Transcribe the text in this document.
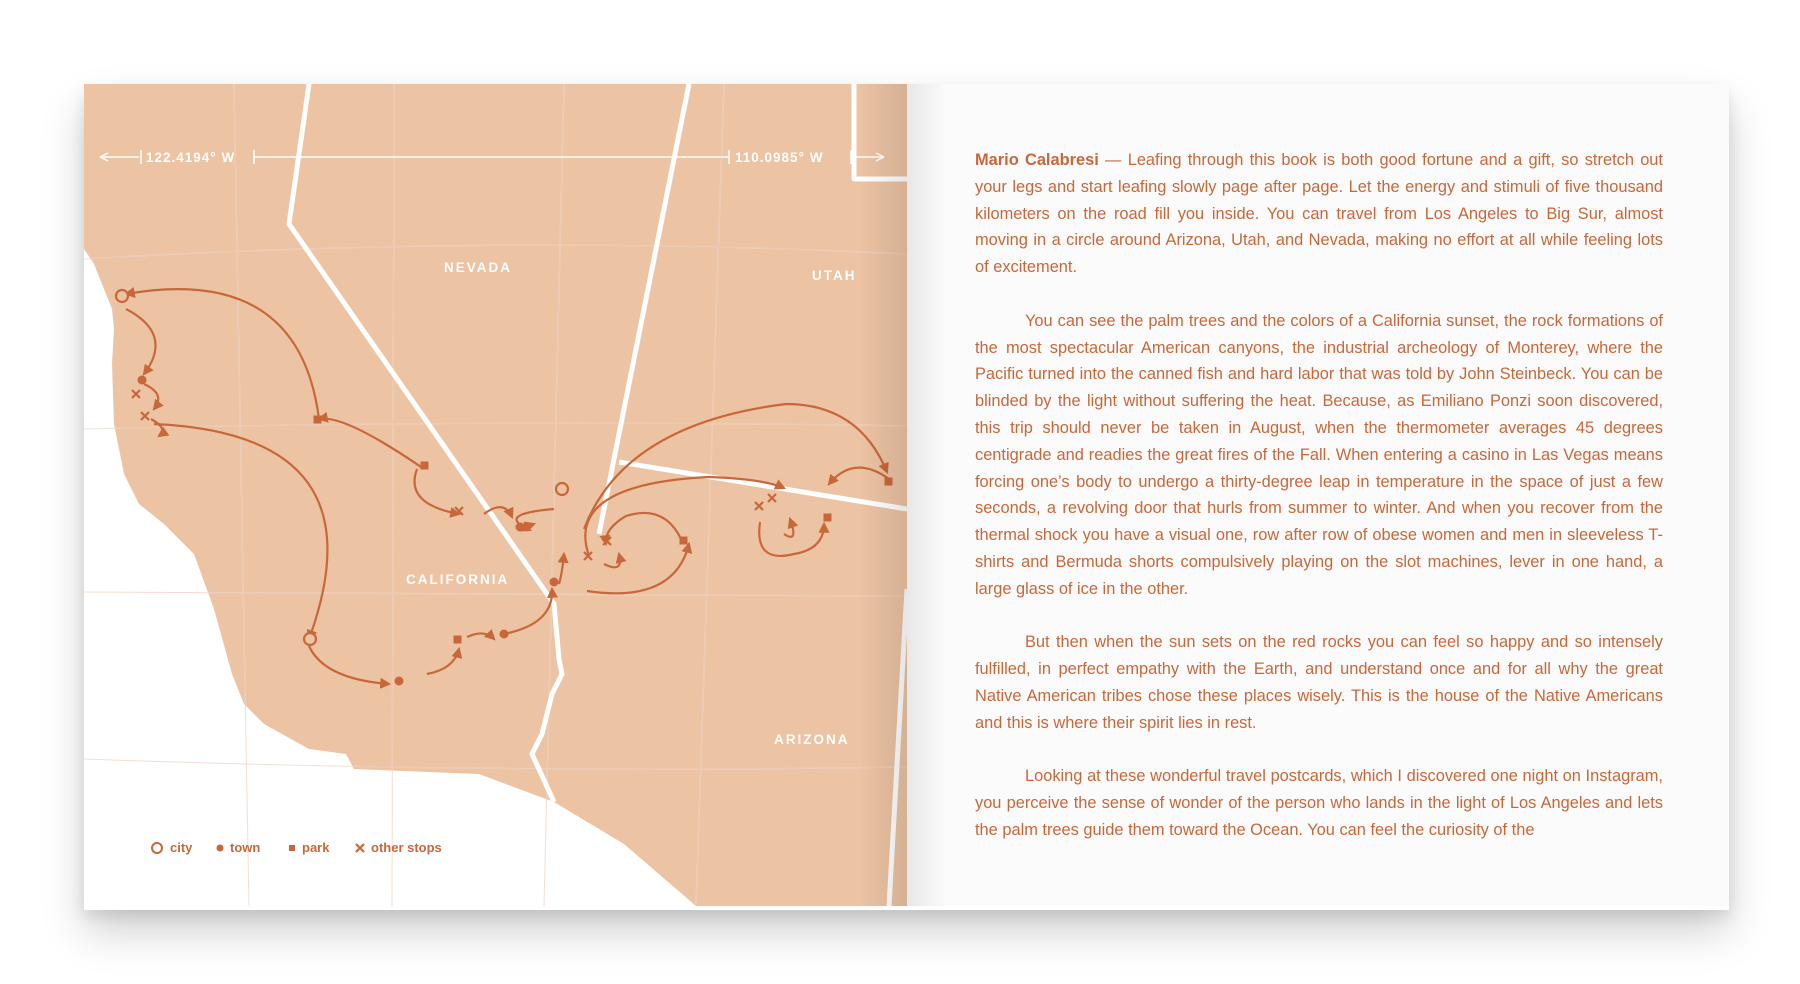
122.4194° W	110.0985° W
NEVADA
UTAH
CALIFORNIA
ARIZONA
city	town	park	other stops

Mario Calabresi — Leafing through this book is both good fortune and a gift, so stretch out your legs and start leafing slowly page after page. Let the energy and stimuli of five thousand kilometers on the road fill you inside. You can travel from Los Angeles to Big Sur, almost moving in a circle around Arizona, Utah, and Nevada, making no effort at all while feeling lots of excitement.

You can see the palm trees and the colors of a California sunset, the rock formations of the most spectacular American canyons, the industrial archeology of Monterey, where the Pacific turned into the canned fish and hard labor that was told by John Steinbeck. You can be blinded by the light without suffering the heat. Because, as Emiliano Ponzi soon discovered, this trip should never be taken in August, when the thermometer averages 45 degrees centigrade and readies the great fires of the Fall. When entering a casino in Las Vegas means forcing one’s body to undergo a thirty-degree leap in temperature in the space of just a few seconds, a revolving door that hurls from summer to winter. And when you recover from the thermal shock you have a visual one, row after row of obese women and men in sleeveless T-shirts and Bermuda shorts compulsively playing on the slot machines, lever in one hand, a large glass of ice in the other.

But then when the sun sets on the red rocks you can feel so happy and so intensely fulfilled, in perfect empathy with the Earth, and understand once and for all why the great Native American tribes chose these places wisely. This is the house of the Native Americans and this is where their spirit lies in rest.

Looking at these wonderful travel postcards, which I discovered one night on Instagram, you perceive the sense of wonder of the person who lands in the light of Los Angeles and lets the palm trees guide them toward the Ocean. You can feel the curiosity of the
